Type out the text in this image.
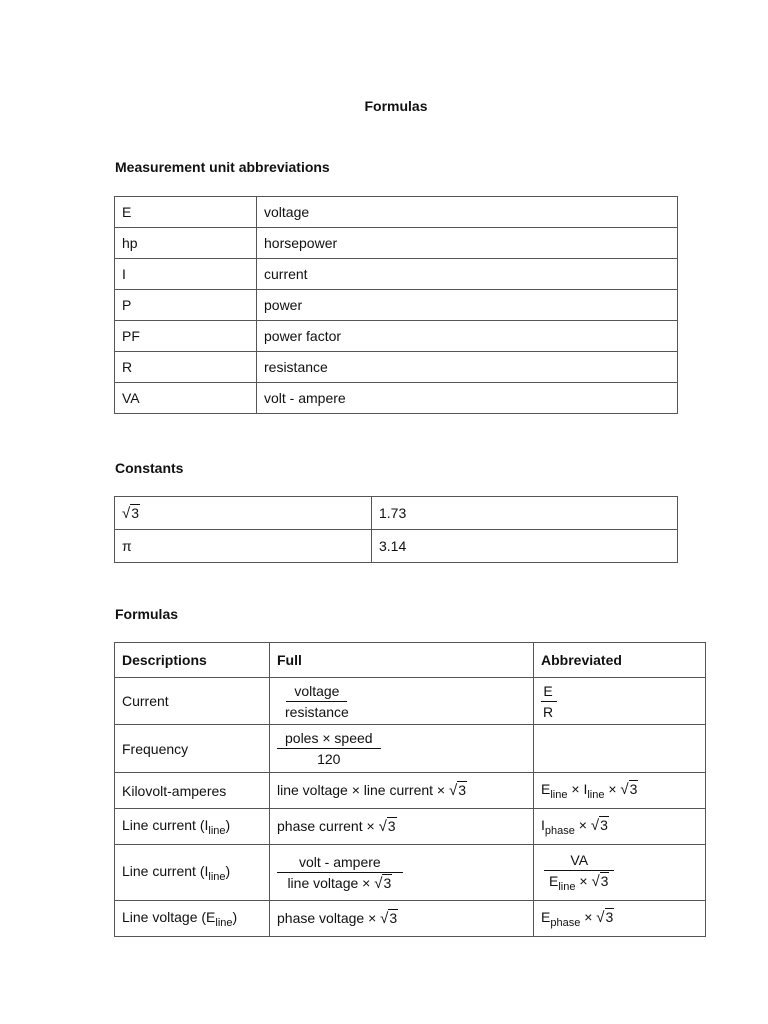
Formulas
Measurement unit abbreviations
E	voltage
hp	horsepower
I	current
P	power
PF	power factor
R	resistance
VA	volt - ampere
Constants
√3	1.73
π	3.14
Formulas
Descriptions	Full	Abbreviated
Current	$\frac{\text{voltage}}{\text{resistance}}$	$\frac{E}{R}$

Frequency	$\frac{\text{poles × speed}}{120}$

Kilovolt-amperes	line voltage × line current × √3	$E_{line} \times I_{line} \times √3$
Line current $(I_{line})$	phase current × √3	$I_{phase} \times √3$
Line current $(I_{line})$	$\frac{\text{volt - ampere}}{\text{line voltage × √3}}$	$\frac{VA}{E_{line} \times √3}$

Line voltage $(E_{line})$	phase voltage × √3	$E_{phase} \times √3$
